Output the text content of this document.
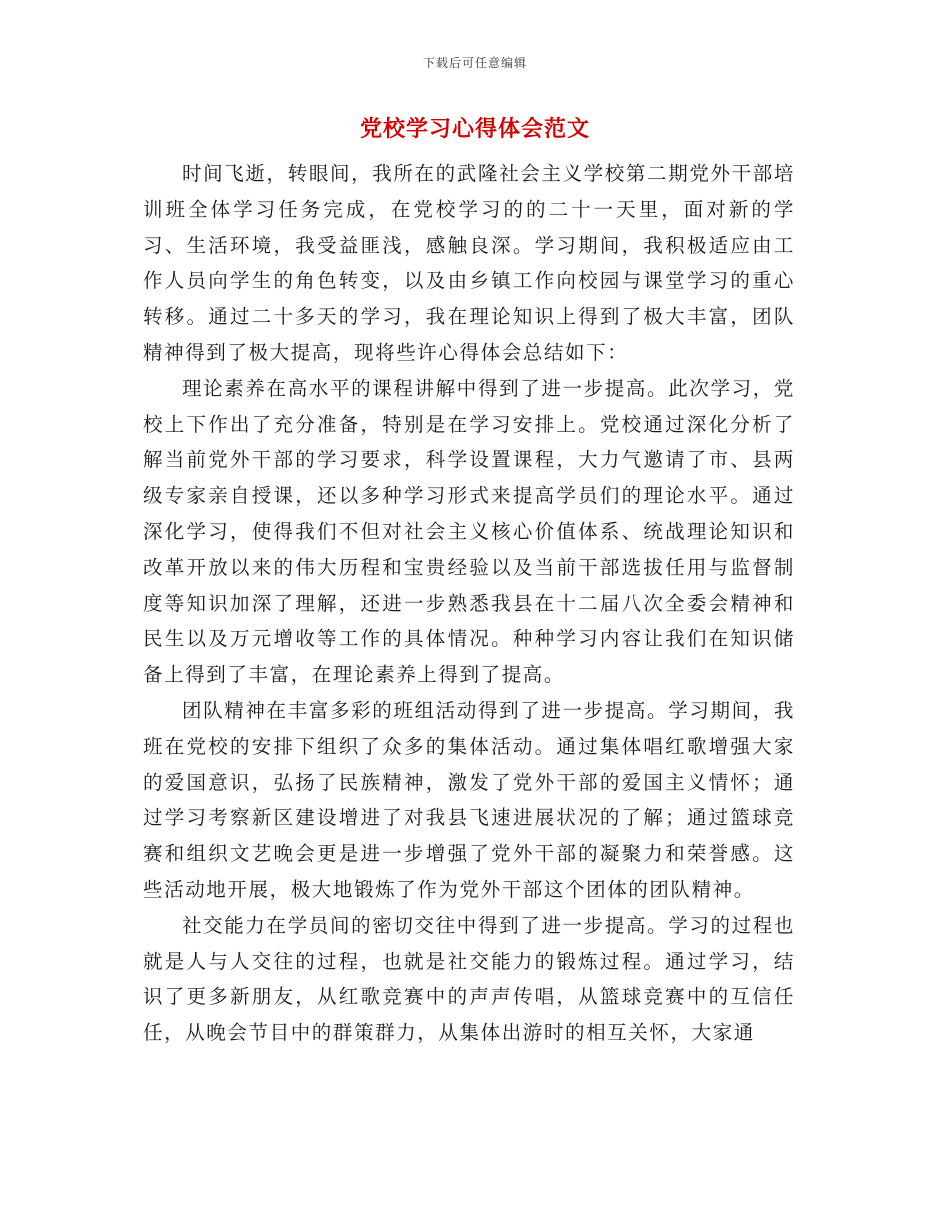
下载后可任意编辑
党校学习心得体会范文

时间飞逝，转眼间，我所在的武隆社会主义学校第二期党外干部培训班全体学习任务完成，在党校学习的的二十一天里，面对新的学习、生活环境，我受益匪浅，感触良深。学习期间，我积极适应由工作人员向学生的角色转变，以及由乡镇工作向校园与课堂学习的重心转移。通过二十多天的学习，我在理论知识上得到了极大丰富，团队精神得到了极大提高，现将些许心得体会总结如下：

理论素养在高水平的课程讲解中得到了进一步提高。此次学习，党校上下作出了充分准备，特别是在学习安排上。党校通过深化分析了解当前党外干部的学习要求，科学设置课程，大力气邀请了市、县两级专家亲自授课，还以多种学习形式来提高学员们的理论水平。通过深化学习，使得我们不但对社会主义核心价值体系、统战理论知识和改革开放以来的伟大历程和宝贵经验以及当前干部选拔任用与监督制度等知识加深了理解，还进一步熟悉我县在十二届八次全委会精神和民生以及万元增收等工作的具体情况。种种学习内容让我们在知识储备上得到了丰富，在理论素养上得到了提高。

团队精神在丰富多彩的班组活动得到了进一步提高。学习期间，我班在党校的安排下组织了众多的集体活动。通过集体唱红歌增强大家的爱国意识，弘扬了民族精神，激发了党外干部的爱国主义情怀；通过学习考察新区建设增进了对我县飞速进展状况的了解；通过篮球竞赛和组织文艺晚会更是进一步增强了党外干部的凝聚力和荣誉感。这些活动地开展，极大地锻炼了作为党外干部这个团体的团队精神。

社交能力在学员间的密切交往中得到了进一步提高。学习的过程也就是人与人交往的过程，也就是社交能力的锻炼过程。通过学习，结识了更多新朋友，从红歌竞赛中的声声传唱，从篮球竞赛中的互信任任，从晚会节目中的群策群力，从集体出游时的相互关怀，大家通
